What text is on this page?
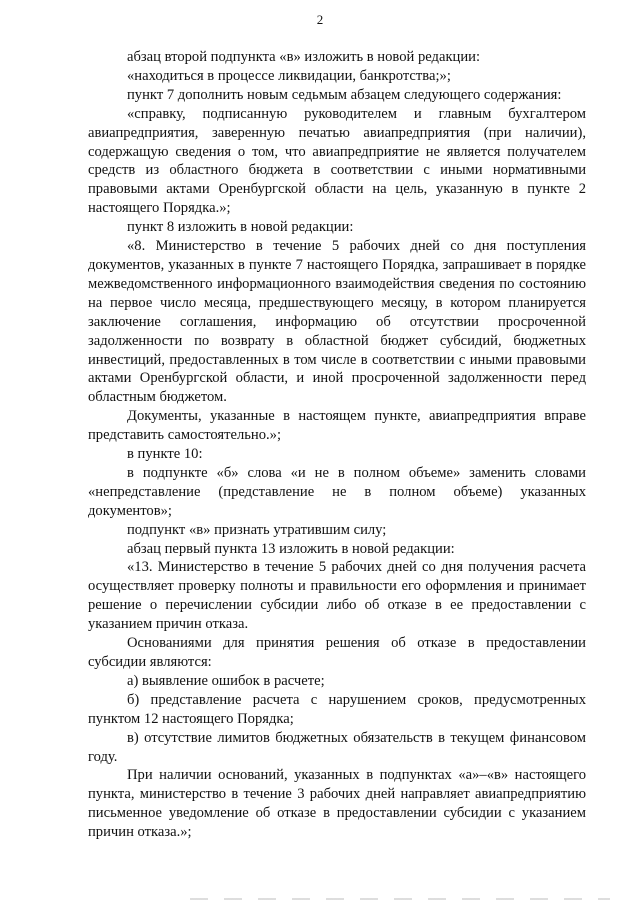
2

абзац второй подпункта «в» изложить в новой редакции:

«находиться в процессе ликвидации, банкротства;»;

пункт 7 дополнить новым седьмым абзацем следующего содержания:

«справку, подписанную руководителем и главным бухгалтером авиапредприятия, заверенную печатью авиапредприятия (при наличии), содержащую сведения о том, что авиапредприятие не является получателем средств из областного бюджета в соответствии с иными нормативными правовыми актами Оренбургской области на цель, указанную в пункте 2 настоящего Порядка.»;

пункт 8 изложить в новой редакции:

«8. Министерство в течение 5 рабочих дней со дня поступления документов, указанных в пункте 7 настоящего Порядка, запрашивает в порядке межведомственного информационного взаимодействия сведения по состоянию на первое число месяца, предшествующего месяцу, в котором планируется заключение соглашения, информацию об отсутствии просроченной задолженности по возврату в областной бюджет субсидий, бюджетных инвестиций, предоставленных в том числе в соответствии с иными правовыми актами Оренбургской области, и иной просроченной задолженности перед областным бюджетом.

Документы, указанные в настоящем пункте, авиапредприятия вправе представить самостоятельно.»;

в пункте 10:

в подпункте «б» слова «и не в полном объеме» заменить словами «непредставление (представление не в полном объеме) указанных документов»;

подпункт «в» признать утратившим силу;

абзац первый пункта 13 изложить в новой редакции:

«13. Министерство в течение 5 рабочих дней со дня получения расчета осуществляет проверку полноты и правильности его оформления и принимает решение о перечислении субсидии либо об отказе в ее предоставлении с указанием причин отказа.

Основаниями для принятия решения об отказе в предоставлении субсидии являются:

а) выявление ошибок в расчете;

б) представление расчета с нарушением сроков, предусмотренных пунктом 12 настоящего Порядка;

в) отсутствие лимитов бюджетных обязательств в текущем финансовом году.

При наличии оснований, указанных в подпунктах «а»–«в» настоящего пункта, министерство в течение 3 рабочих дней направляет авиапредприятию письменное уведомление об отказе в предоставлении субсидии с указанием причин отказа.»;
